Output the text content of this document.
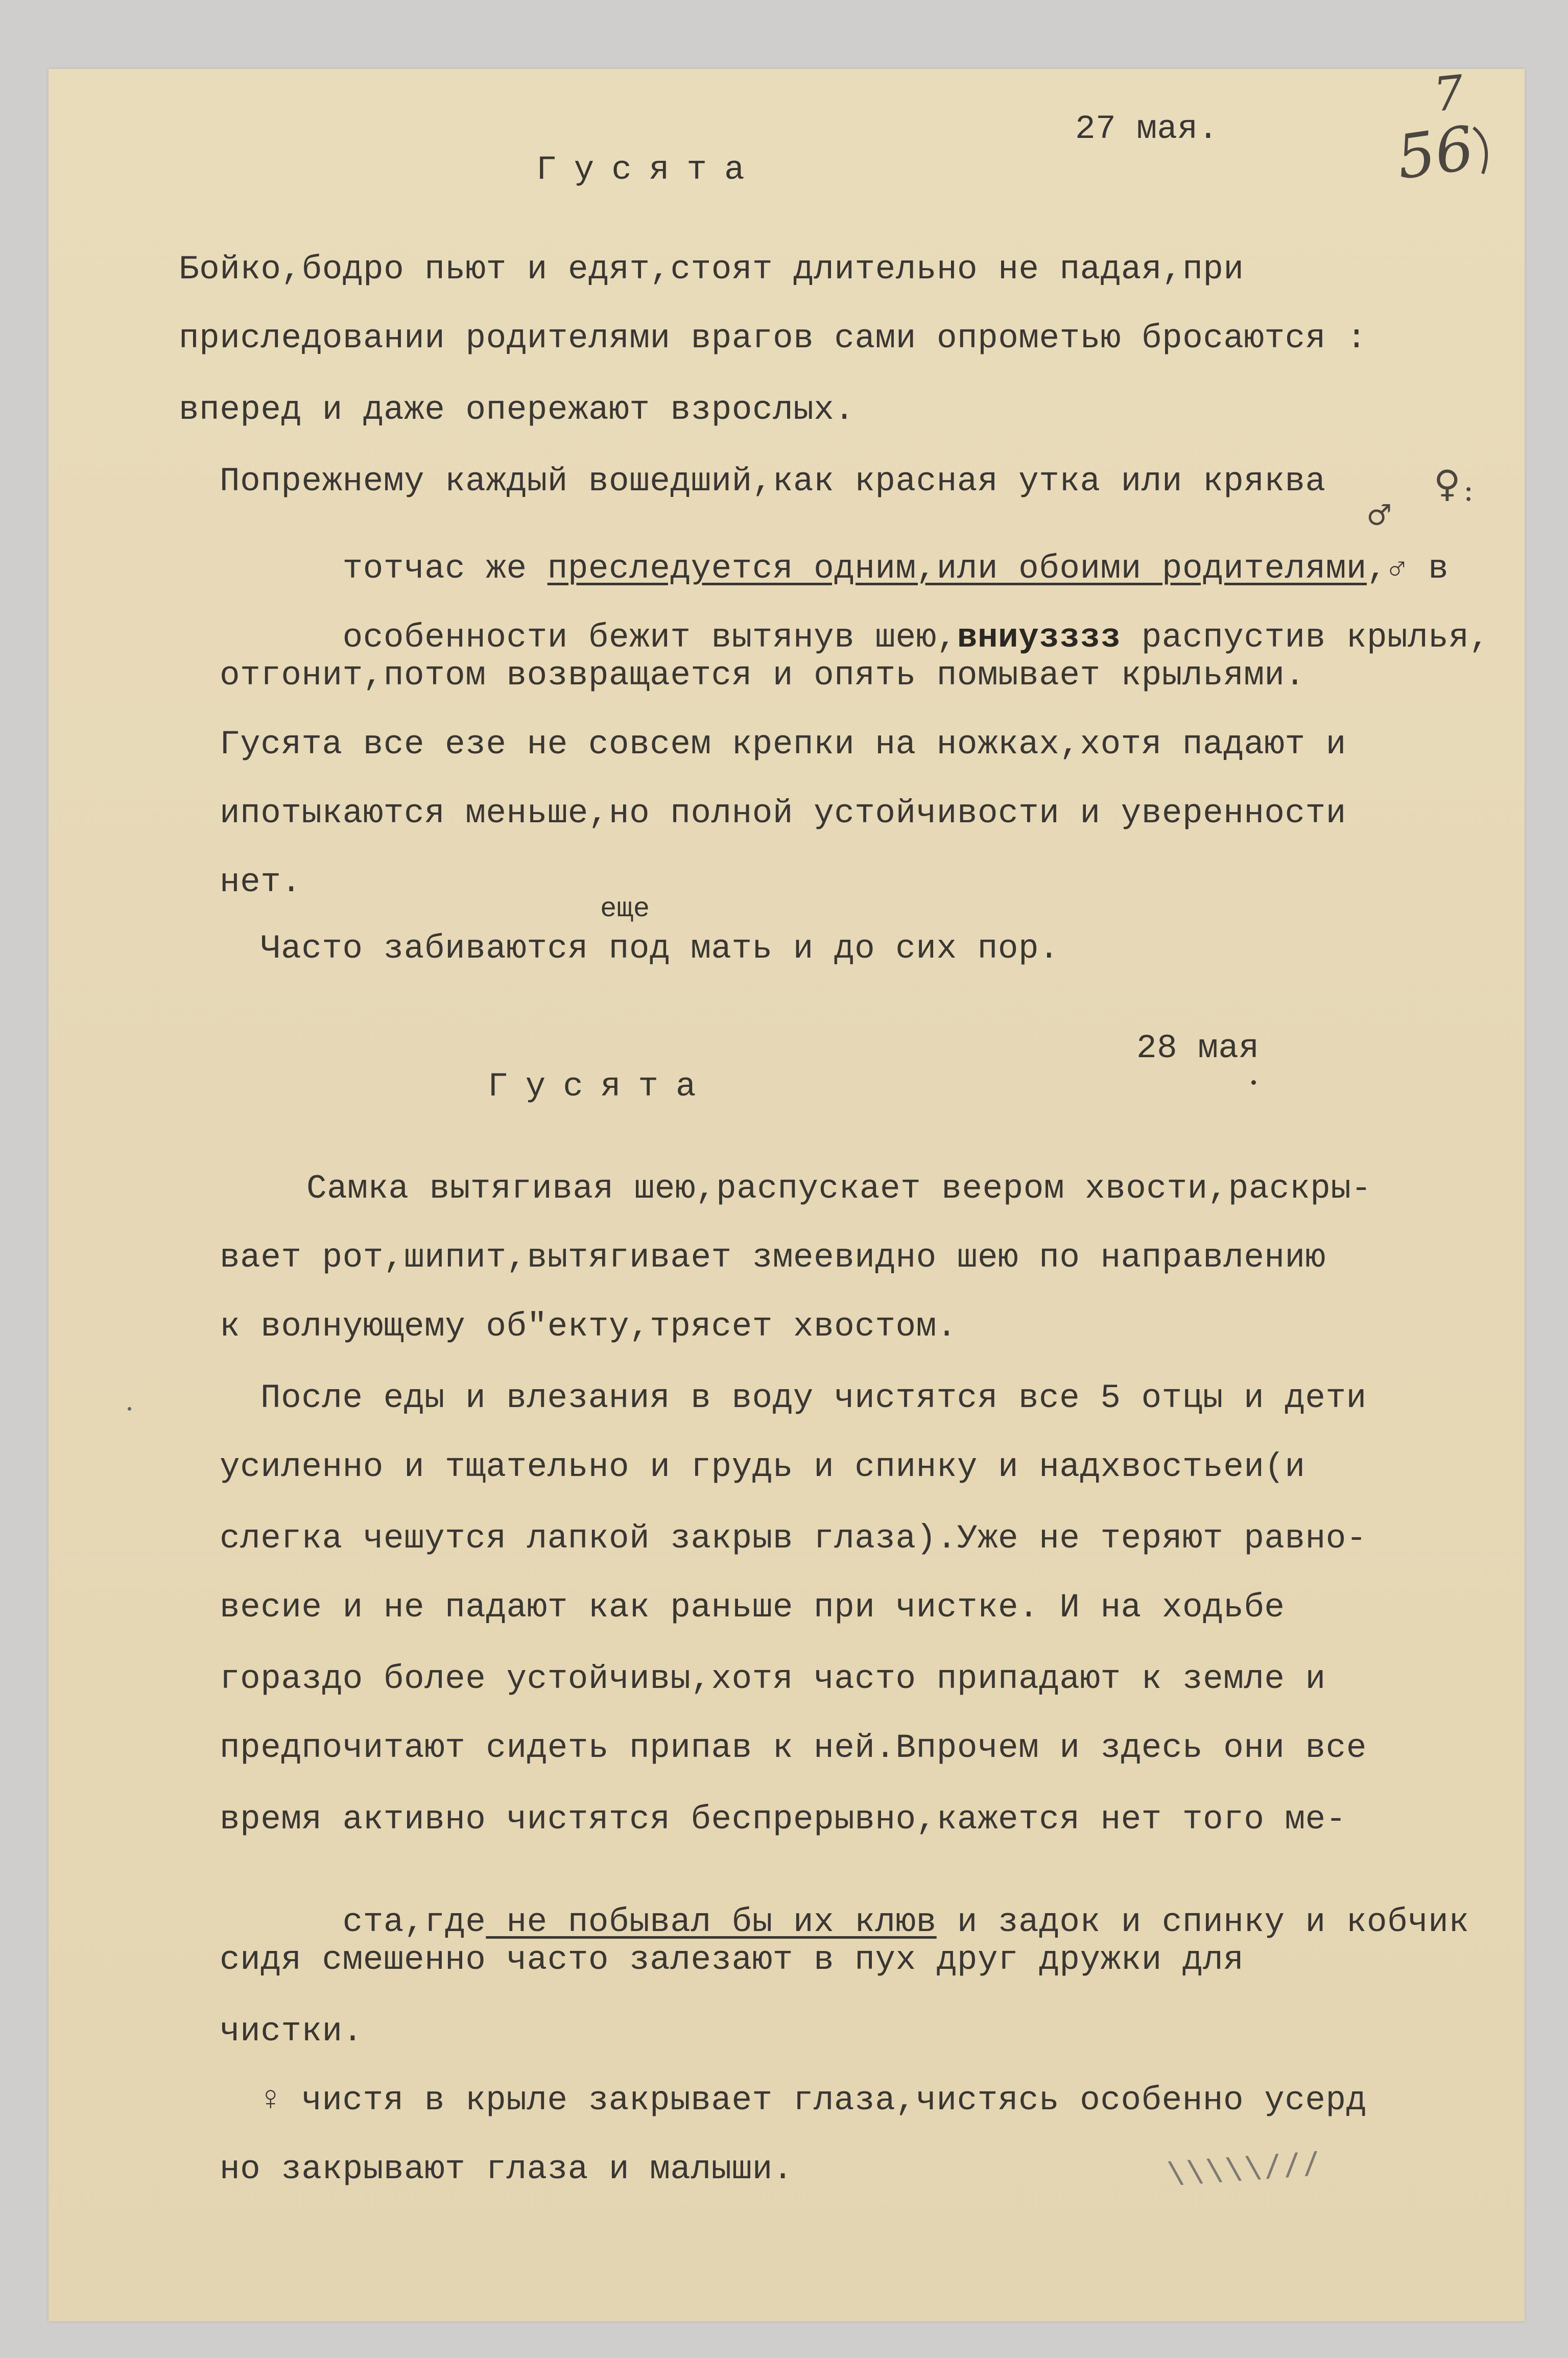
7
56
27 мая.
Гусята
Бойко,бодро пьют и едят,стоят длительно не падая,при
приследовании родителями врагов сами опрометью бросаются :
вперед и даже опережают взрослых.
Попрежнему каждый вошедший,как красная утка или кряква	♀ :

тотчас же преследуется одним,или обоими родителями,♂ в

♂

особенности бежит вытянув шею,вниузззз распустив крылья,

отгонит,потом возвращается и опять помывает крыльями.
Гусята все езе не совсем крепки на ножках,хотя падают и
ипотыкаются меньше,но полной устойчивости и уверенности
нет.
еще
Часто забиваются под мать и до сих пор.
28 мая
Гусята
Самка вытягивая шею,распускает веером хвости,раскры-
вает рот,шипит,вытягивает змеевидно шею по направлению
к волнующему об"екту,трясет хвостом.
После еды и влезания в воду чистятся все 5 отцы и дети
усиленно и тщательно и грудь и спинку и надхвостьеи(и
слегка чешутся лапкой закрыв глаза).Уже не теряют равно-
весие и не падают как раньше при чистке. И на ходьбе
гораздо более устойчивы,хотя часто припадают к земле и
предпочитают сидеть припав к ней.Впрочем и здесь они все
время активно чистятся беспрерывно,кажется нет того ме-

ста,где не побывал бы их клюв и задок и спинку и кобчик

сидя смешенно часто залезают в пух друг дружки для
чистки.
♀ чистя в крыле закрывает глаза,чистясь особенно усерд
но закрывают глаза и малыши.	\\\\\///
